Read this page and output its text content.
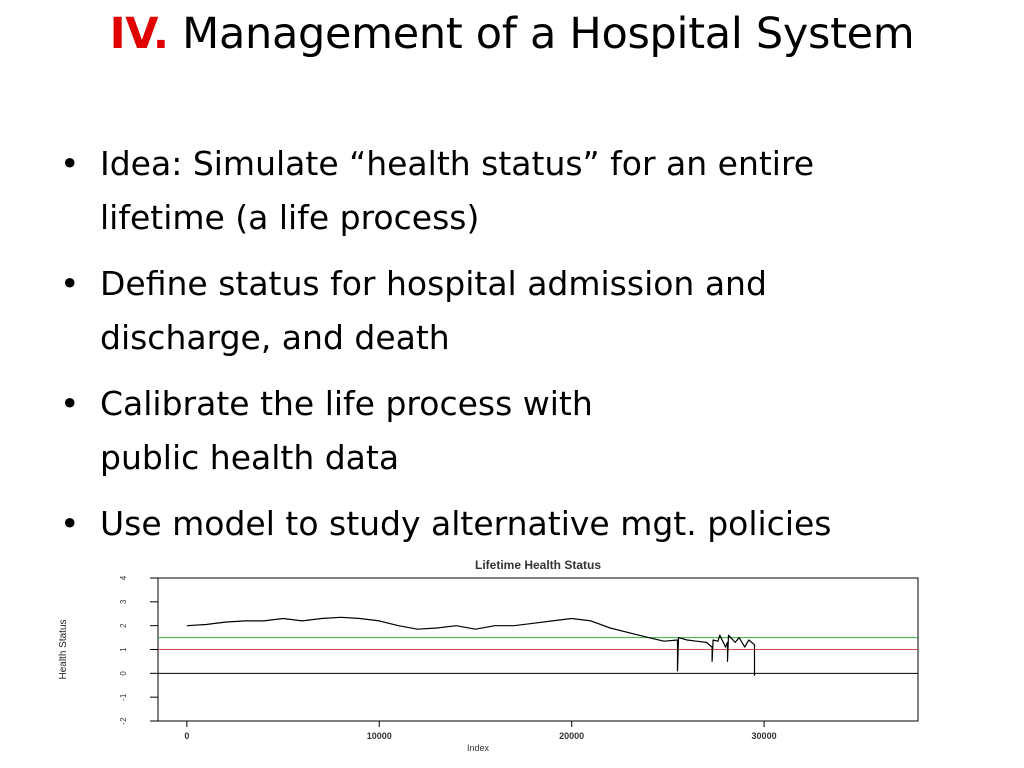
IV. Management of a Hospital System
• Idea: Simulate “health status” for an entire
lifetime (a life process)
• Define status for hospital admission and
discharge, and death
• Calibrate the life process with
public health data
• Use model to study alternative mgt. policies
Lifetime Health Status
-2
-1
0
1
2
3
4
0	10000	20000	30000
Index
Health Status
